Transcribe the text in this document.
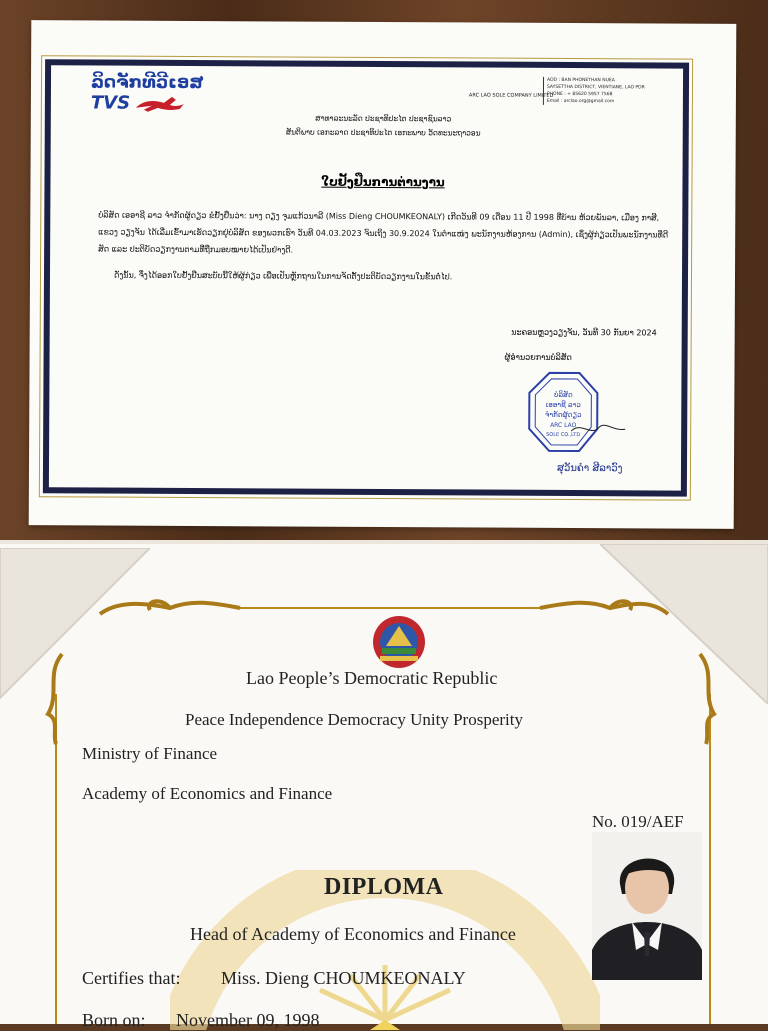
ລິດຈັກທີວີເອສ
TVS	ARC LAO SOLE COMPANY LIMITED
ADD : BAN PHONETHAN NUEA
SAYSETTHA DISTRICT, VIENTIANE, LAO PDR
PHONE : + 85620 5957 7568
Email : arclao.org@gmail.com
ສາທາລະນະລັດ ປະຊາທິປະໄຕ ປະຊາຊົນລາວ
ສັນຕິພາບ ເອກະລາດ ປະຊາທິປະໄຕ ເອກະພາບ ວັດທະນະຖາວອນ
ໃບຢັ້ງຢືນການຕ່ານງານ
ບໍລິສັດ ເອອາຊີ ລາວ ຈຳກັດຜູ້ດຽວ ຂໍຢັ້ງຢືນວ່າ: ນາງ ດຽງ ຈຸມແກ້ວນາລີ (Miss Dieng CHOUMKEONALY) ເກີດວັນທີ 09 ເດືອນ 11 ປີ 1998 ທີ່ບ້ານ ຫ້ວຍພັນລາ, ເມືອງ ກາສີ, ແຂວງ ວຽງຈັນ ໄດ້ເລີ່ມເຂົ້າມາເຮັດວຽກຢູ່ບໍລິສັດ ຂອງພວກເຮົາ ວັນທີ 04.03.2023 ຈົນເຖິງ 30.9.2024 ໃນຕຳແໜ່ງ ພະນັກງານຫ້ອງການ (Admin), ເຊິ່ງຜູ້ກ່ຽວເປັນພະນັກງານທີ່ດີສັດ ແລະ ປະຕິບັດວຽກງານຕາມທີ່ຖືກມອບໝາຍໄດ້ເປັນຢ່າງດີ.
ດັ່ງນັ້ນ, ຈຶ່ງໄດ້ອອກໃບຢັ້ງຢືນສະບັບນີ້ໃຫ້ຜູ້ກ່ຽວ ເພື່ອເປັນຫຼັກຖານໃນການຈັດຕັ້ງປະຕິບັດວຽກງານໃນຂັ້ນຕໍ່ໄປ.
ນະຄອນຫຼວງວຽງຈັນ, ວັນທີ 30 ກັນຍາ 2024
ຜູ້ອຳນວຍການບໍລິສັດ
ບໍລິສັດ
ເອອາຊີ ລາວ
ຈຳກັດຜູ້ດຽວ
ARC LAO
SOLE CO.,LTD
ສຸວັນຄຳ ສີລາວົງ
Lao People’s Democratic Republic
Peace Independence Democracy Unity Prosperity
Ministry of Finance
Academy of Economics and Finance
No. 019/AEF
DIPLOMA
Head of Academy of Economics and Finance
Certifies that: Miss. Dieng CHOUMKEONALY
Born on: November 09, 1998
